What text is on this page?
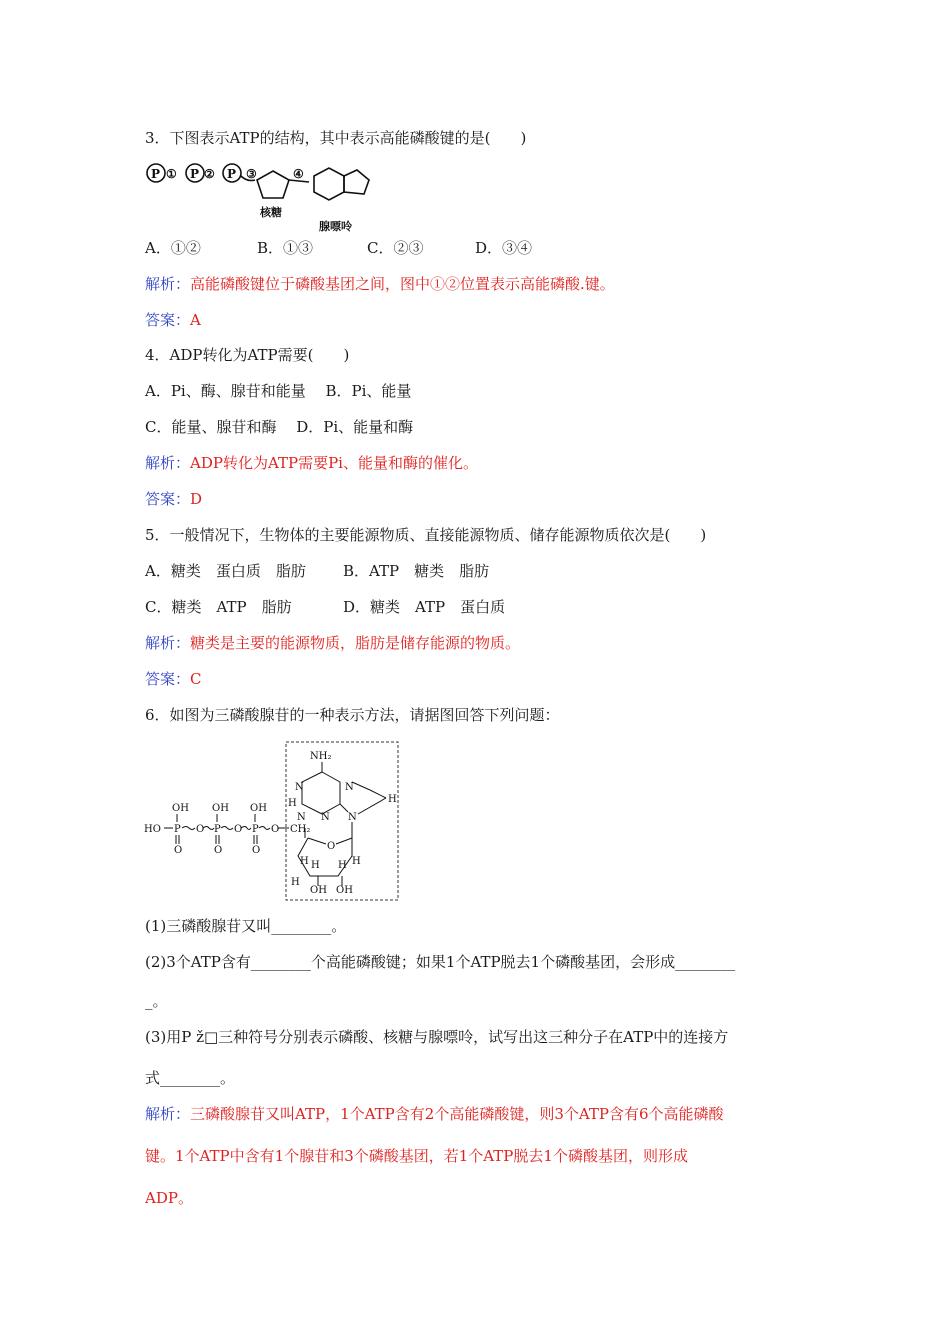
3．下图表示ATP的结构，其中表示高能磷酸键的是(　　)
P P P
① ②	③	④
核糖
腺嘌呤
A．①②	B．①③	C．②③	D．③④
解析：高能磷酸键位于磷酸基团之间，图中①②位置表示高能磷酸.键。
答案：A
4．ADP转化为ATP需要(　　)
A．Pi、酶、腺苷和能量　 B．Pi、能量
C．能量、腺苷和酶　 D．Pi、能量和酶
解析：ADP转化为ATP需要Pi、能量和酶的催化。
答案：D
5．一般情况下，生物体的主要能源物质、直接能源物质、储存能源物质依次是(　　)
A．糖类　蛋白质　脂肪 B．ATP　糖类　脂肪
C．糖类　ATP　脂肪	D．糖类　ATP　蛋白质
解析：糖类是主要的能源物质，脂肪是储存能源的物质。
答案：C
6．如图为三磷酸腺苷的一种表示方法，请据图回答下列问题：
OH OH OH
HO P O P O P O CH₂
O	O	O
NH₂
N	N
N N N
H
H
O
H	H
H H
H
OH OH
(1)三磷酸腺苷又叫________。
(2)3个ATP含有________个高能磷酸键；如果1个ATP脱去1个磷酸基团，会形成________
_。
(3)用P ž□三种符号分别表示磷酸、核糖与腺嘌呤，试写出这三种分子在ATP中的连接方
式________。
解析：三磷酸腺苷又叫ATP，1个ATP含有2个高能磷酸键，则3个ATP含有6个高能磷酸
键。1个ATP中含有1个腺苷和3个磷酸基团，若1个ATP脱去1个磷酸基团，则形成
ADP。
